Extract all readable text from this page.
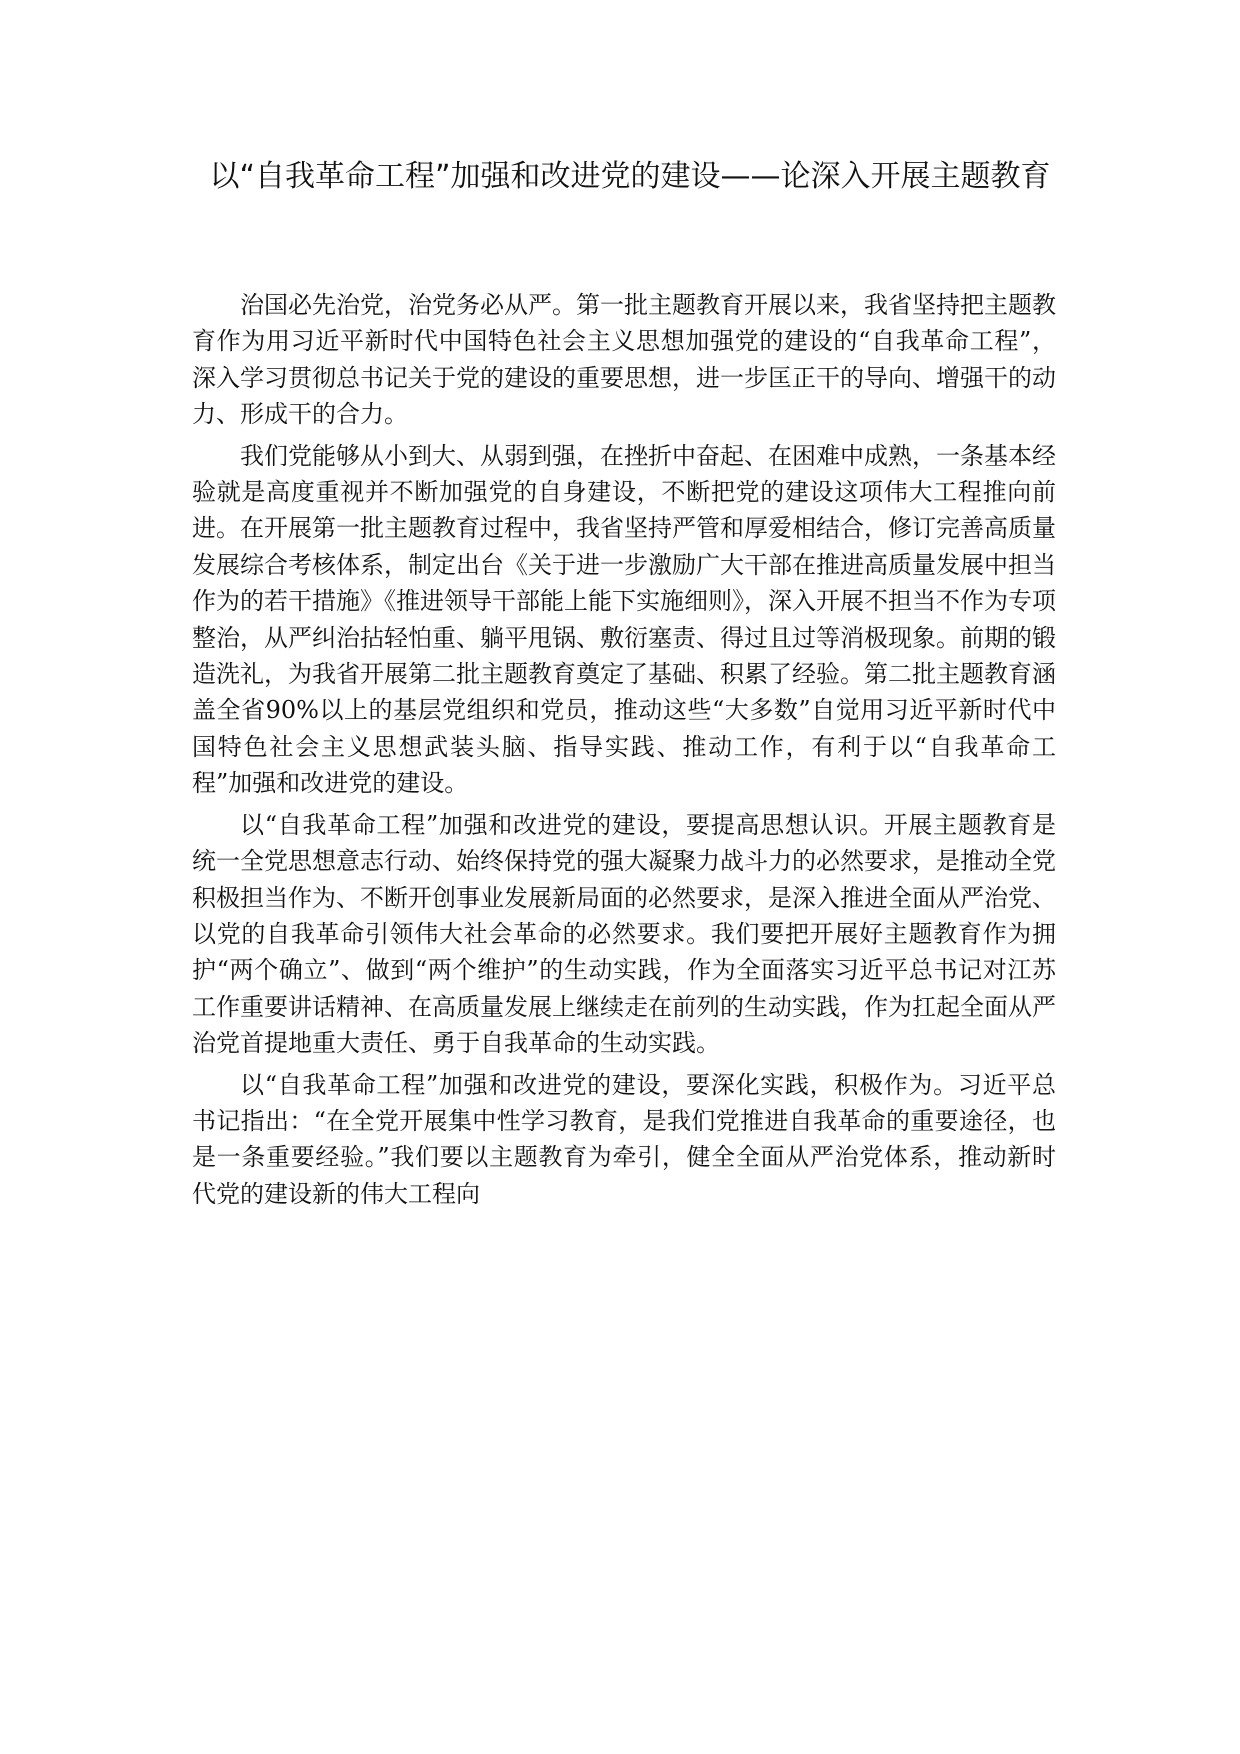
以“自我革命工程”加强和改进党的建设——论深入开展主题教育

治国必先治党，治党务必从严。第一批主题教育开展以来，我省坚持把主题教育作为用习近平新时代中国特色社会主义思想加强党的建设的“自我革命工程”，深入学习贯彻总书记关于党的建设的重要思想，进一步匡正干的导向、增强干的动力、形成干的合力。

我们党能够从小到大、从弱到强，在挫折中奋起、在困难中成熟，一条基本经验就是高度重视并不断加强党的自身建设，不断把党的建设这项伟大工程推向前进。在开展第一批主题教育过程中，我省坚持严管和厚爱相结合，修订完善高质量发展综合考核体系，制定出台《关于进一步激励广大干部在推进高质量发展中担当作为的若干措施》《推进领导干部能上能下实施细则》，深入开展不担当不作为专项整治，从严纠治拈轻怕重、躺平甩锅、敷衍塞责、得过且过等消极现象。前期的锻造洗礼，为我省开展第二批主题教育奠定了基础、积累了经验。第二批主题教育涵盖全省90%以上的基层党组织和党员，推动这些“大多数”自觉用习近平新时代中国特色社会主义思想武装头脑、指导实践、推动工作，有利于以“自我革命工程”加强和改进党的建设。

以“自我革命工程”加强和改进党的建设，要提高思想认识。开展主题教育是统一全党思想意志行动、始终保持党的强大凝聚力战斗力的必然要求，是推动全党积极担当作为、不断开创事业发展新局面的必然要求，是深入推进全面从严治党、以党的自我革命引领伟大社会革命的必然要求。我们要把开展好主题教育作为拥护“两个确立”、做到“两个维护”的生动实践，作为全面落实习近平总书记对江苏工作重要讲话精神、在高质量发展上继续走在前列的生动实践，作为扛起全面从严治党首提地重大责任、勇于自我革命的生动实践。

以“自我革命工程”加强和改进党的建设，要深化实践，积极作为。习近平总书记指出：“在全党开展集中性学习教育，是我们党推进自我革命的重要途径，也是一条重要经验。”我们要以主题教育为牵引，健全全面从严治党体系，推动新时代党的建设新的伟大工程向
